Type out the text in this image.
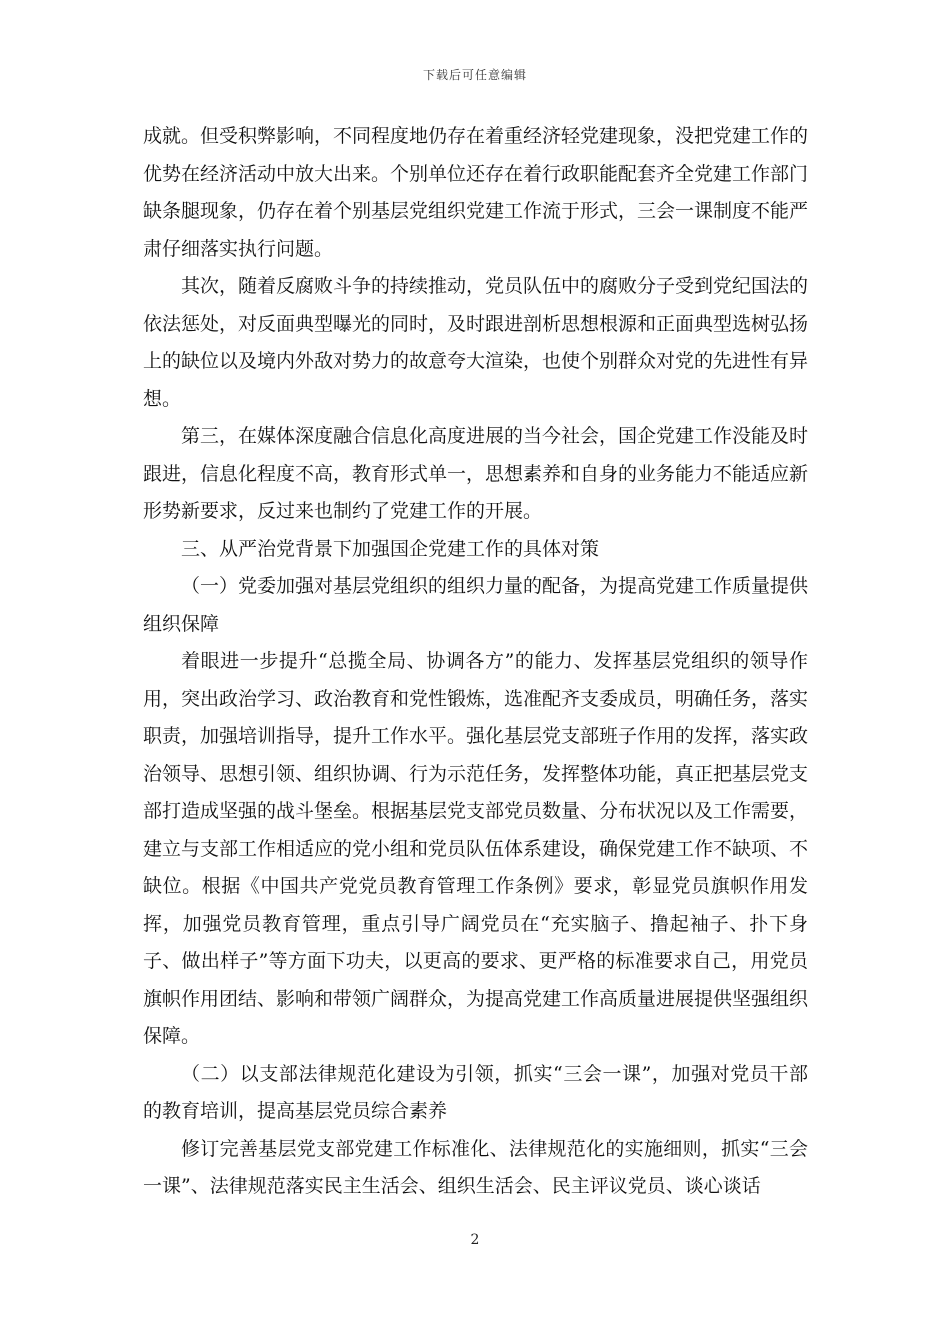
下载后可任意编辑

成就。但受积弊影响，不同程度地仍存在着重经济轻党建现象，没把党建工作的优势在经济活动中放大出来。个别单位还存在着行政职能配套齐全党建工作部门缺条腿现象，仍存在着个别基层党组织党建工作流于形式，三会一课制度不能严肃仔细落实执行问题。

其次，随着反腐败斗争的持续推动，党员队伍中的腐败分子受到党纪国法的依法惩处，对反面典型曝光的同时，及时跟进剖析思想根源和正面典型选树弘扬上的缺位以及境内外敌对势力的故意夸大渲染，也使个别群众对党的先进性有异想。

第三，在媒体深度融合信息化高度进展的当今社会，国企党建工作没能及时跟进，信息化程度不高，教育形式单一，思想素养和自身的业务能力不能适应新形势新要求，反过来也制约了党建工作的开展。

三、从严治党背景下加强国企党建工作的具体对策

（一）党委加强对基层党组织的组织力量的配备，为提高党建工作质量提供组织保障

着眼进一步提升“总揽全局、协调各方”的能力、发挥基层党组织的领导作用，突出政治学习、政治教育和党性锻炼，选准配齐支委成员，明确任务，落实职责，加强培训指导，提升工作水平。强化基层党支部班子作用的发挥，落实政治领导、思想引领、组织协调、行为示范任务，发挥整体功能，真正把基层党支部打造成坚强的战斗堡垒。根据基层党支部党员数量、分布状况以及工作需要，建立与支部工作相适应的党小组和党员队伍体系建设，确保党建工作不缺项、不缺位。根据《中国共产党党员教育管理工作条例》要求，彰显党员旗帜作用发挥，加强党员教育管理，重点引导广阔党员在“充实脑子、撸起袖子、扑下身子、做出样子”等方面下功夫，以更高的要求、更严格的标准要求自己，用党员旗帜作用团结、影响和带领广阔群众，为提高党建工作高质量进展提供坚强组织保障。

（二）以支部法律规范化建设为引领，抓实“三会一课”，加强对党员干部的教育培训，提高基层党员综合素养

修订完善基层党支部党建工作标准化、法律规范化的实施细则，抓实“三会一课”、法律规范落实民主生活会、组织生活会、民主评议党员、谈心谈话

2
